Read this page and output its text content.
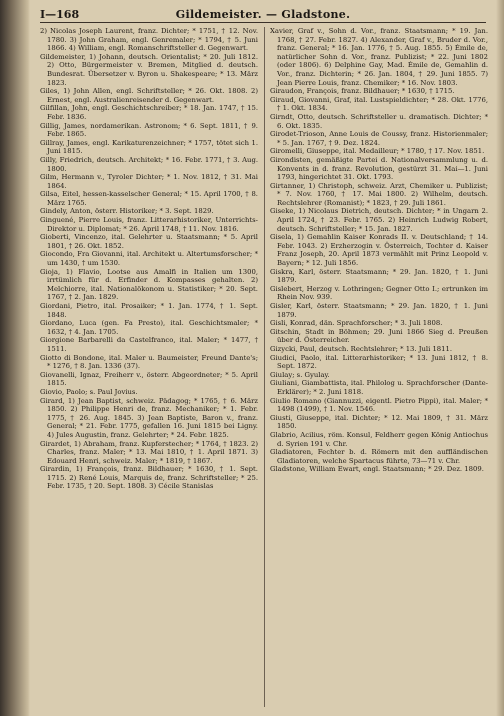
I—168	Gildemeister. — Gladstone.
2) Nicolas Joseph Laurent, franz. Dichter; * 1751, † 12. Nov. 1780. 3) John Graham, engl. Genremaler; * 1794, † 5. Juni 1866. 4) William, engl. Romanschriftsteller d. Gegenwart.
Gildemeister, 1) Johann, deutsch. Orientalist; * 20. Juli 1812. 2) Otto, Bürgermeister v. Bremen, Mitglied d. deutsch. Bundesrat. Übersetzer v. Byron u. Shakespeare; * 13. März 1823.
Giles, 1) John Allen, engl. Schriftsteller; * 26. Okt. 1808. 2) Ernest, engl. Australienreisender d. Gegenwart.
Gilfillan, John, engl. Geschichtschreiber; * 18. Jan. 1747, † 15. Febr. 1836.
Gillig, James, nordamerikan. Astronom; * 6. Sept. 1811, † 9. Febr. 1865.
Gillray, James, engl. Karikaturenzeichner; * 1757, tötet sich 1. Juni 1815.
Gilly, Friedrich, deutsch. Architekt; * 16. Febr. 1771, † 3. Aug. 1800.
Gilm, Hermann v., Tyroler Dichter; * 1. Nov. 1812, † 31. Mai 1864.
Gilsa, Eitel, hessen-kasselscher General; * 15. April 1700, † 8. März 1765.
Gindely, Anton, österr. Historiker; * 3. Sept. 1829.
Ginguené, Pierre Louis, franz. Litterarhistoriker, Unterrichts-Direktor u. Diplomat; * 26. April 1748, † 11. Nov. 1816.
Gioberti, Vincenzo, ital. Gelehrter u. Staatsmann; * 5. April 1801, † 26. Okt. 1852.
Giocondo, Fra Giovanni, ital. Architekt u. Altertumsforscher; * um 1430, † um 1530.
Gioja, 1) Flavio, Lootse aus Amalfi in Italien um 1300, irrtümlich für d. Erfinder d. Kompasses gehalten. 2) Melchiorre, ital. Nationalökonom u. Statistiker; * 20. Sept. 1767, † 2. Jan. 1829.
Giordani, Pietro, ital. Prosaiker; * 1. Jan. 1774, † 1. Sept. 1848.
Giordano, Luca (gen. Fa Presto), ital. Geschichtsmaler; * 1632, † 4. Jan. 1705.
Giorgione Barbarelli da Castelfranco, ital. Maler; * 1477, † 1511.
Giotto di Bondone, ital. Maler u. Baumeister, Freund Dante's; * 1276, † 8. Jan. 1336 (37).
Giovanelli, Ignaz, Freiherr v., österr. Abgeordneter; * 5. April 1815.
Giovio, Paolo; s. Paul Jovius.
Girard, 1) Jean Baptist, schweiz. Pädagog; * 1765, † 6. März 1850. 2) Philippe Henri de, franz. Mechaniker; * 1. Febr. 1775, † 26. Aug. 1845. 3) Jean Baptiste, Baron v., franz. General; * 21. Febr. 1775, gefallen 16. Juni 1815 bei Ligny. 4) Jules Augustin, franz. Gelehrter; * 24. Febr. 1825.
Girardet, 1) Abraham, franz. Kupferstecher; * 1764, † 1823. 2) Charles, franz. Maler; * 13. Mai 1810, † 1. April 1871. 3) Edouard Henri, schweiz. Maler; * 1819, † 1867.
Girardin, 1) François, franz. Bildhauer; * 1630, † 1. Sept. 1715. 2) René Louis, Marquis de, franz. Schriftsteller; * 25. Febr. 1735, † 20. Sept. 1808. 3) Cécile Stanislas
Xavier, Graf v., Sohn d. Vor., franz. Staatsmann; * 19. Jan. 1768, † 27. Febr. 1827. 4) Alexander, Graf v., Bruder d. Vor., franz. General; * 16. Jan. 1776, † 5. Aug. 1855. 5) Émile de, natürlicher Sohn d. Vor., franz. Publizist; * 22. Juni 1802 (oder 1806). 6) Delphine Gay, Mad. Émile de, Gemahlin d. Vor., franz. Dichterin; * 26. Jan. 1804, † 29. Juni 1855. 7) Jean Pierre Louis, franz. Chemiker; * 16. Nov. 1803.
Giraudon, François, franz. Bildhauer; * 1630, † 1715.
Giraud, Giovanni, Graf, ital. Lustspieldichter; * 28. Okt. 1776, † 1. Okt. 1834.
Girndt, Otto, deutsch. Schriftsteller u. dramatisch. Dichter; * 6. Okt. 1835.
Girodet-Trioson, Anne Louis de Coussy, franz. Historienmaler; * 5. Jan. 1767, † 9. Dez. 1824.
Giromelli, Giuseppe, ital. Medailleur; * 1780, † 17. Nov. 1851.
Girondisten, gemäßigte Partei d. Nationalversammlung u. d. Konvents in d. franz. Revolution, gestürzt 31. Mai—1. Juni 1793, hingerichtet 31. Okt. 1793.
Girtanner, 1) Christoph, schweiz. Arzt, Chemiker u. Publizist; * 7. Nov. 1760, † 17. Mai 1800. 2) Wilhelm, deutsch. Rechtslehrer (Romanist); * 1823, † 29. Juli 1861.
Giseke, 1) Nicolaus Dietrich, deutsch. Dichter; * in Ungarn 2. April 1724, † 23. Febr. 1765. 2) Heinrich Ludwig Robert, deutsch. Schriftsteller; * 15. Jan. 1827.
Gisela, 1) Gemahlin Kaiser Konrads II. v. Deutschland; † 14. Febr. 1043. 2) Erzherzogin v. Österreich, Tochter d. Kaiser Franz Joseph, 20. April 1873 vermählt mit Prinz Leopold v. Bayern; * 12. Juli 1856.
Giskra, Karl, österr. Staatsmann; * 29. Jan. 1820, † 1. Juni 1879.
Gislebert, Herzog v. Lothringen; Gegner Otto I.; ertrunken im Rhein Nov. 939.
Gisler, Karl, österr. Staatsmann; * 29. Jan. 1820, † 1. Juni 1879.
Gisli, Konrad, dän. Sprachforscher; * 3. Juli 1808.
Gitschin, Stadt in Böhmen; 29. Juni 1866 Sieg d. Preußen über d. Österreicher.
Gizycki, Paul, deutsch. Rechtslehrer; * 13. Juli 1811.
Giudici, Paolo, ital. Litterarhistoriker; * 13. Juni 1812, † 8. Sept. 1872.
Giulay; s. Gyulay.
Giuliani, Giambattista, ital. Philolog u. Sprachforscher (Dante-Erklärer); * 2. Juni 1818.
Giulio Romano (Giannuzzi, eigentl. Pietro Pippi), ital. Maler; * 1498 (1499), † 1. Nov. 1546.
Giusti, Giuseppe, ital. Dichter; * 12. Mai 1809, † 31. März 1850.
Glabrio, Acilius, röm. Konsul, Feldherr gegen König Antiochus d. Syrien 191 v. Chr.
Gladiatoren, Fechter b. d. Römern mit den auffländischen Gladiatoren, welche Spartacus führte, 73—71 v. Chr.
Gladstone, William Ewart, engl. Staatsmann; * 29. Dez. 1809.
